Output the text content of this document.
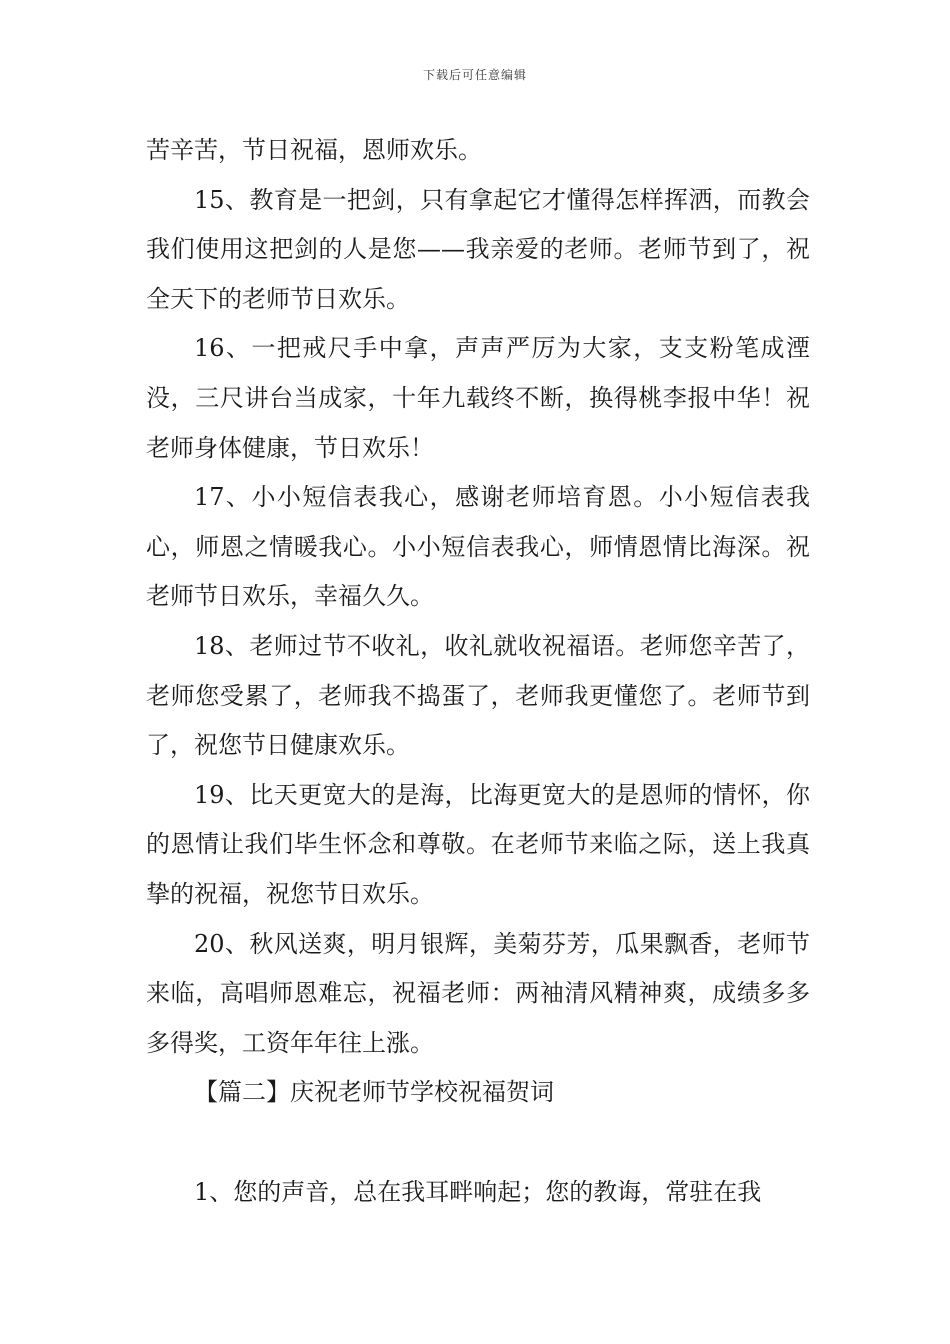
下载后可任意编辑

苦辛苦，节日祝福，恩师欢乐。

15、教育是一把剑，只有拿起它才懂得怎样挥洒，而教会我们使用这把剑的人是您——我亲爱的老师。老师节到了，祝全天下的老师节日欢乐。

16、一把戒尺手中拿，声声严厉为大家，支支粉笔成湮没，三尺讲台当成家，十年九载终不断，换得桃李报中华！祝老师身体健康，节日欢乐！

17、小小短信表我心，感谢老师培育恩。小小短信表我心，师恩之情暖我心。小小短信表我心，师情恩情比海深。祝老师节日欢乐，幸福久久。

18、老师过节不收礼，收礼就收祝福语。老师您辛苦了，老师您受累了，老师我不捣蛋了，老师我更懂您了。老师节到了，祝您节日健康欢乐。

19、比天更宽大的是海，比海更宽大的是恩师的情怀，你的恩情让我们毕生怀念和尊敬。在老师节来临之际，送上我真挚的祝福，祝您节日欢乐。

20、秋风送爽，明月银辉，美菊芬芳，瓜果飘香，老师节来临，高唱师恩难忘，祝福老师：两袖清风精神爽，成绩多多多得奖，工资年年往上涨。

【篇二】庆祝老师节学校祝福贺词

1、您的声音，总在我耳畔响起；您的教诲，常驻在我
